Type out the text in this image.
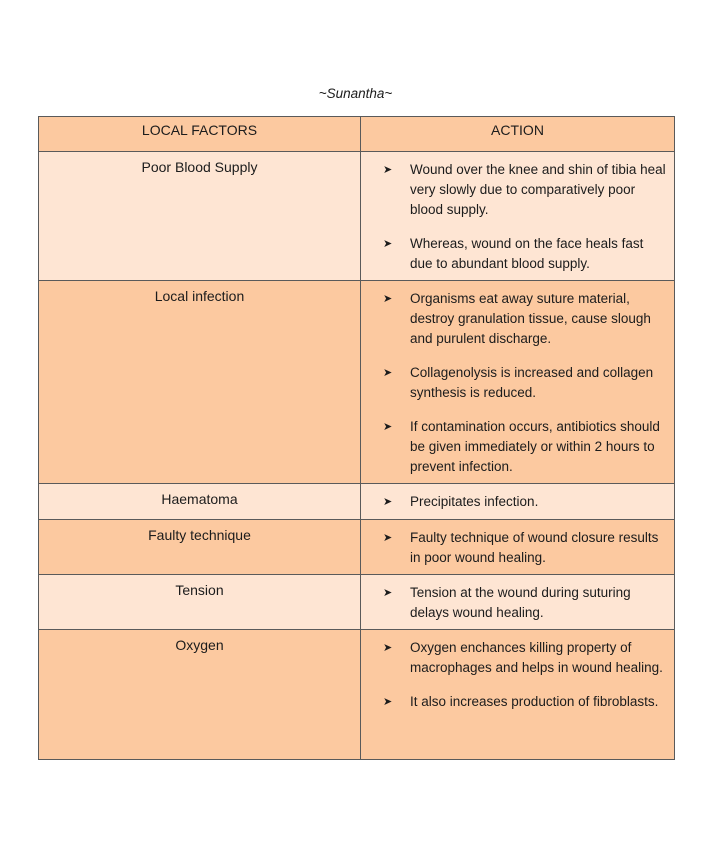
~Sunantha~

LOCAL FACTORS	ACTION
Poor Blood Supply	➤ Wound over the knee and shin of tibia heal very slowly due to comparatively poor blood supply.
➤ Whereas, wound on the face heals fast due to abundant blood supply.

Local infection	➤	Organisms eat away suture material, destroy granulation tissue, cause slough and purulent discharge.
➤	Collagenolysis is increased and collagen synthesis is reduced.
➤	If contamination occurs, antibiotics should be given immediately or within 2 hours to prevent infection.

Haematoma	➤ Precipitates infection.

Faulty technique	➤ Faulty technique of wound closure results in poor wound healing.

Tension	➤ Tension at the wound during suturing delays wound healing.

Oxygen	➤ Oxygen enchances killing property of macrophages and helps in wound healing.
➤ It also increases production of fibroblasts.
